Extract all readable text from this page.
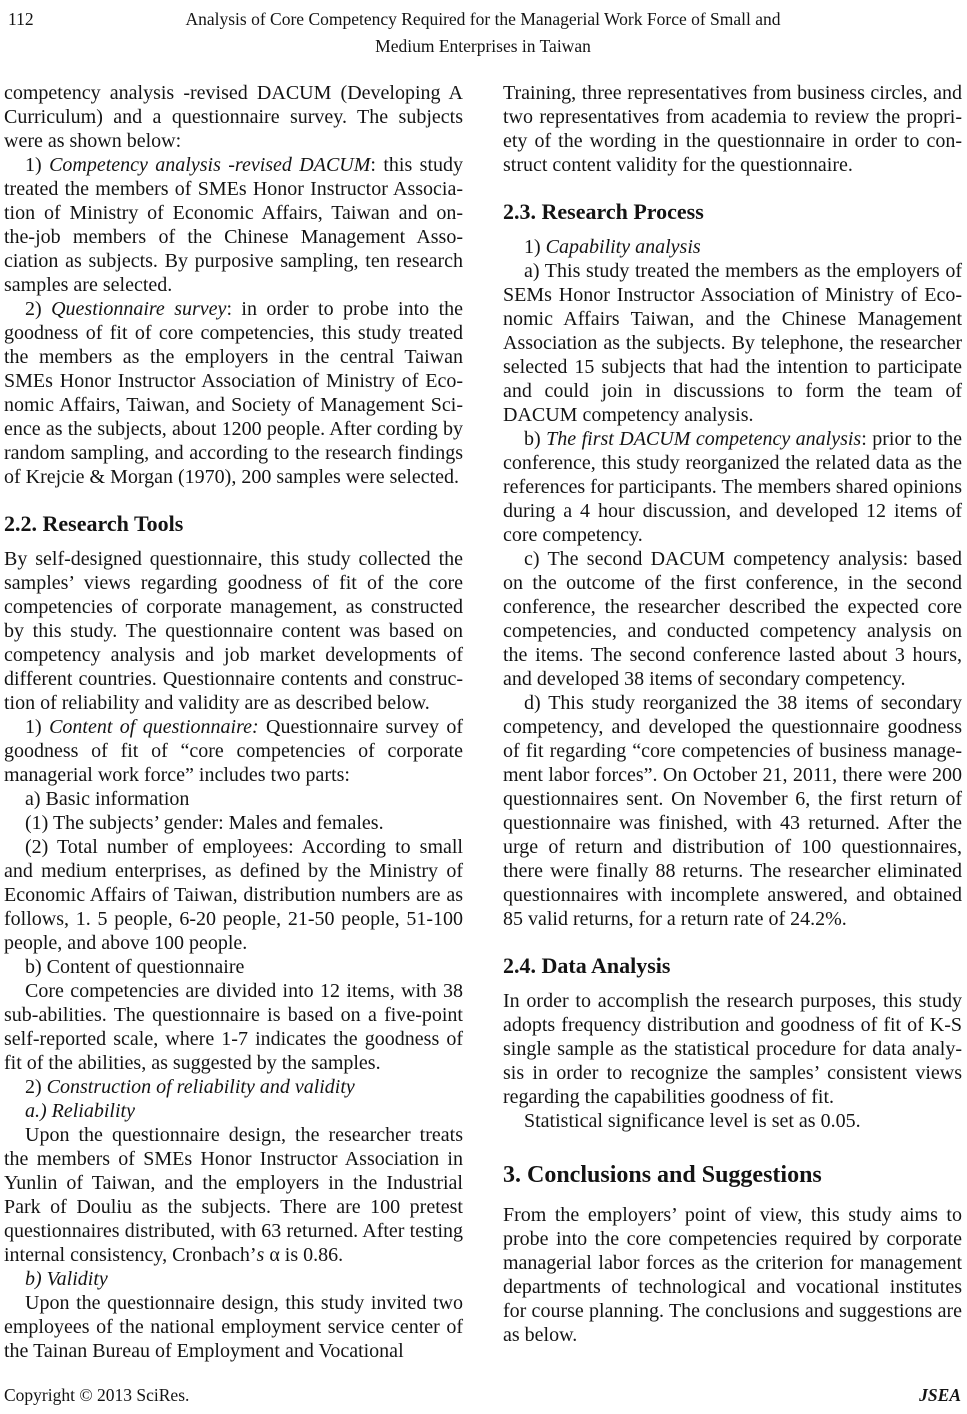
112	Analysis of Core Competency Required for the Managerial Work Force of Small and
Medium Enterprises in Taiwan

competency analysis -revised DACUM (Developing A Curriculum) and a questionnaire survey. The subjects were as shown below:

1) Competency analysis -revised DACUM: this study treated the members of SMEs Honor Instructor Associa-tion of Ministry of Economic Affairs, Taiwan and on-the-job members of the Chinese Management Asso-ciation as subjects. By purposive sampling, ten research samples are selected.

2) Questionnaire survey: in order to probe into the goodness of fit of core competencies, this study treated the members as the employers in the central Taiwan SMEs Honor Instructor Association of Ministry of Eco-nomic Affairs, Taiwan, and Society of Management Sci-ence as the subjects, about 1200 people. After cording by random sampling, and according to the research findings of Krejcie & Morgan (1970), 200 samples were selected.

2.2. Research Tools

By self-designed questionnaire, this study collected the samples’ views regarding goodness of fit of the core competencies of corporate management, as constructed by this study. The questionnaire content was based on competency analysis and job market developments of different countries. Questionnaire contents and construc-tion of reliability and validity are as described below.

1) Content of questionnaire: Questionnaire survey of goodness of fit of “core competencies of corporate managerial work force” includes two parts:

a) Basic information

(1) The subjects’ gender: Males and females.

(2) Total number of employees: According to small and medium enterprises, as defined by the Ministry of Economic Affairs of Taiwan, distribution numbers are as follows, 1. 5 people, 6-20 people, 21-50 people, 51-100 people, and above 100 people.

b) Content of questionnaire

Core competencies are divided into 12 items, with 38 sub-abilities. The questionnaire is based on a five-point self-reported scale, where 1-7 indicates the goodness of fit of the abilities, as suggested by the samples.

2) Construction of reliability and validity

a.) Reliability

Upon the questionnaire design, the researcher treats the members of SMEs Honor Instructor Association in Yunlin of Taiwan, and the employers in the Industrial Park of Douliu as the subjects. There are 100 pretest questionnaires distributed, with 63 returned. After testing internal consistency, Cronbach’s α is 0.86.

b) Validity

Upon the questionnaire design, this study invited two employees of the national employment service center of the Tainan Bureau of Employment and Vocational

Training, three representatives from business circles, and two representatives from academia to review the propri-ety of the wording in the questionnaire in order to con-struct content validity for the questionnaire.

2.3. Research Process

1) Capability analysis

a) This study treated the members as the employers of SEMs Honor Instructor Association of Ministry of Eco-nomic Affairs Taiwan, and the Chinese Management Association as the subjects. By telephone, the researcher selected 15 subjects that had the intention to participate and could join in discussions to form the team of DACUM competency analysis.

b) The first DACUM competency analysis: prior to the conference, this study reorganized the related data as the references for participants. The members shared opinions during a 4 hour discussion, and developed 12 items of core competency.

c) The second DACUM competency analysis: based on the outcome of the first conference, in the second conference, the researcher described the expected core competencies, and conducted competency analysis on the items. The second conference lasted about 3 hours, and developed 38 items of secondary competency.

d) This study reorganized the 38 items of secondary competency, and developed the questionnaire goodness of fit regarding “core competencies of business manage-ment labor forces”. On October 21, 2011, there were 200 questionnaires sent. On November 6, the first return of questionnaire was finished, with 43 returned. After the urge of return and distribution of 100 questionnaires, there were finally 88 returns. The researcher eliminated questionnaires with incomplete answered, and obtained 85 valid returns, for a return rate of 24.2%.

2.4. Data Analysis

In order to accomplish the research purposes, this study adopts frequency distribution and goodness of fit of K-S single sample as the statistical procedure for data analy-sis in order to recognize the samples’ consistent views regarding the capabilities goodness of fit.

Statistical significance level is set as 0.05.

3. Conclusions and Suggestions

From the employers’ point of view, this study aims to probe into the core competencies required by corporate managerial labor forces as the criterion for management departments of technological and vocational institutes for course planning. The conclusions and suggestions are as below.

Copyright © 2013 SciRes.	JSEA
